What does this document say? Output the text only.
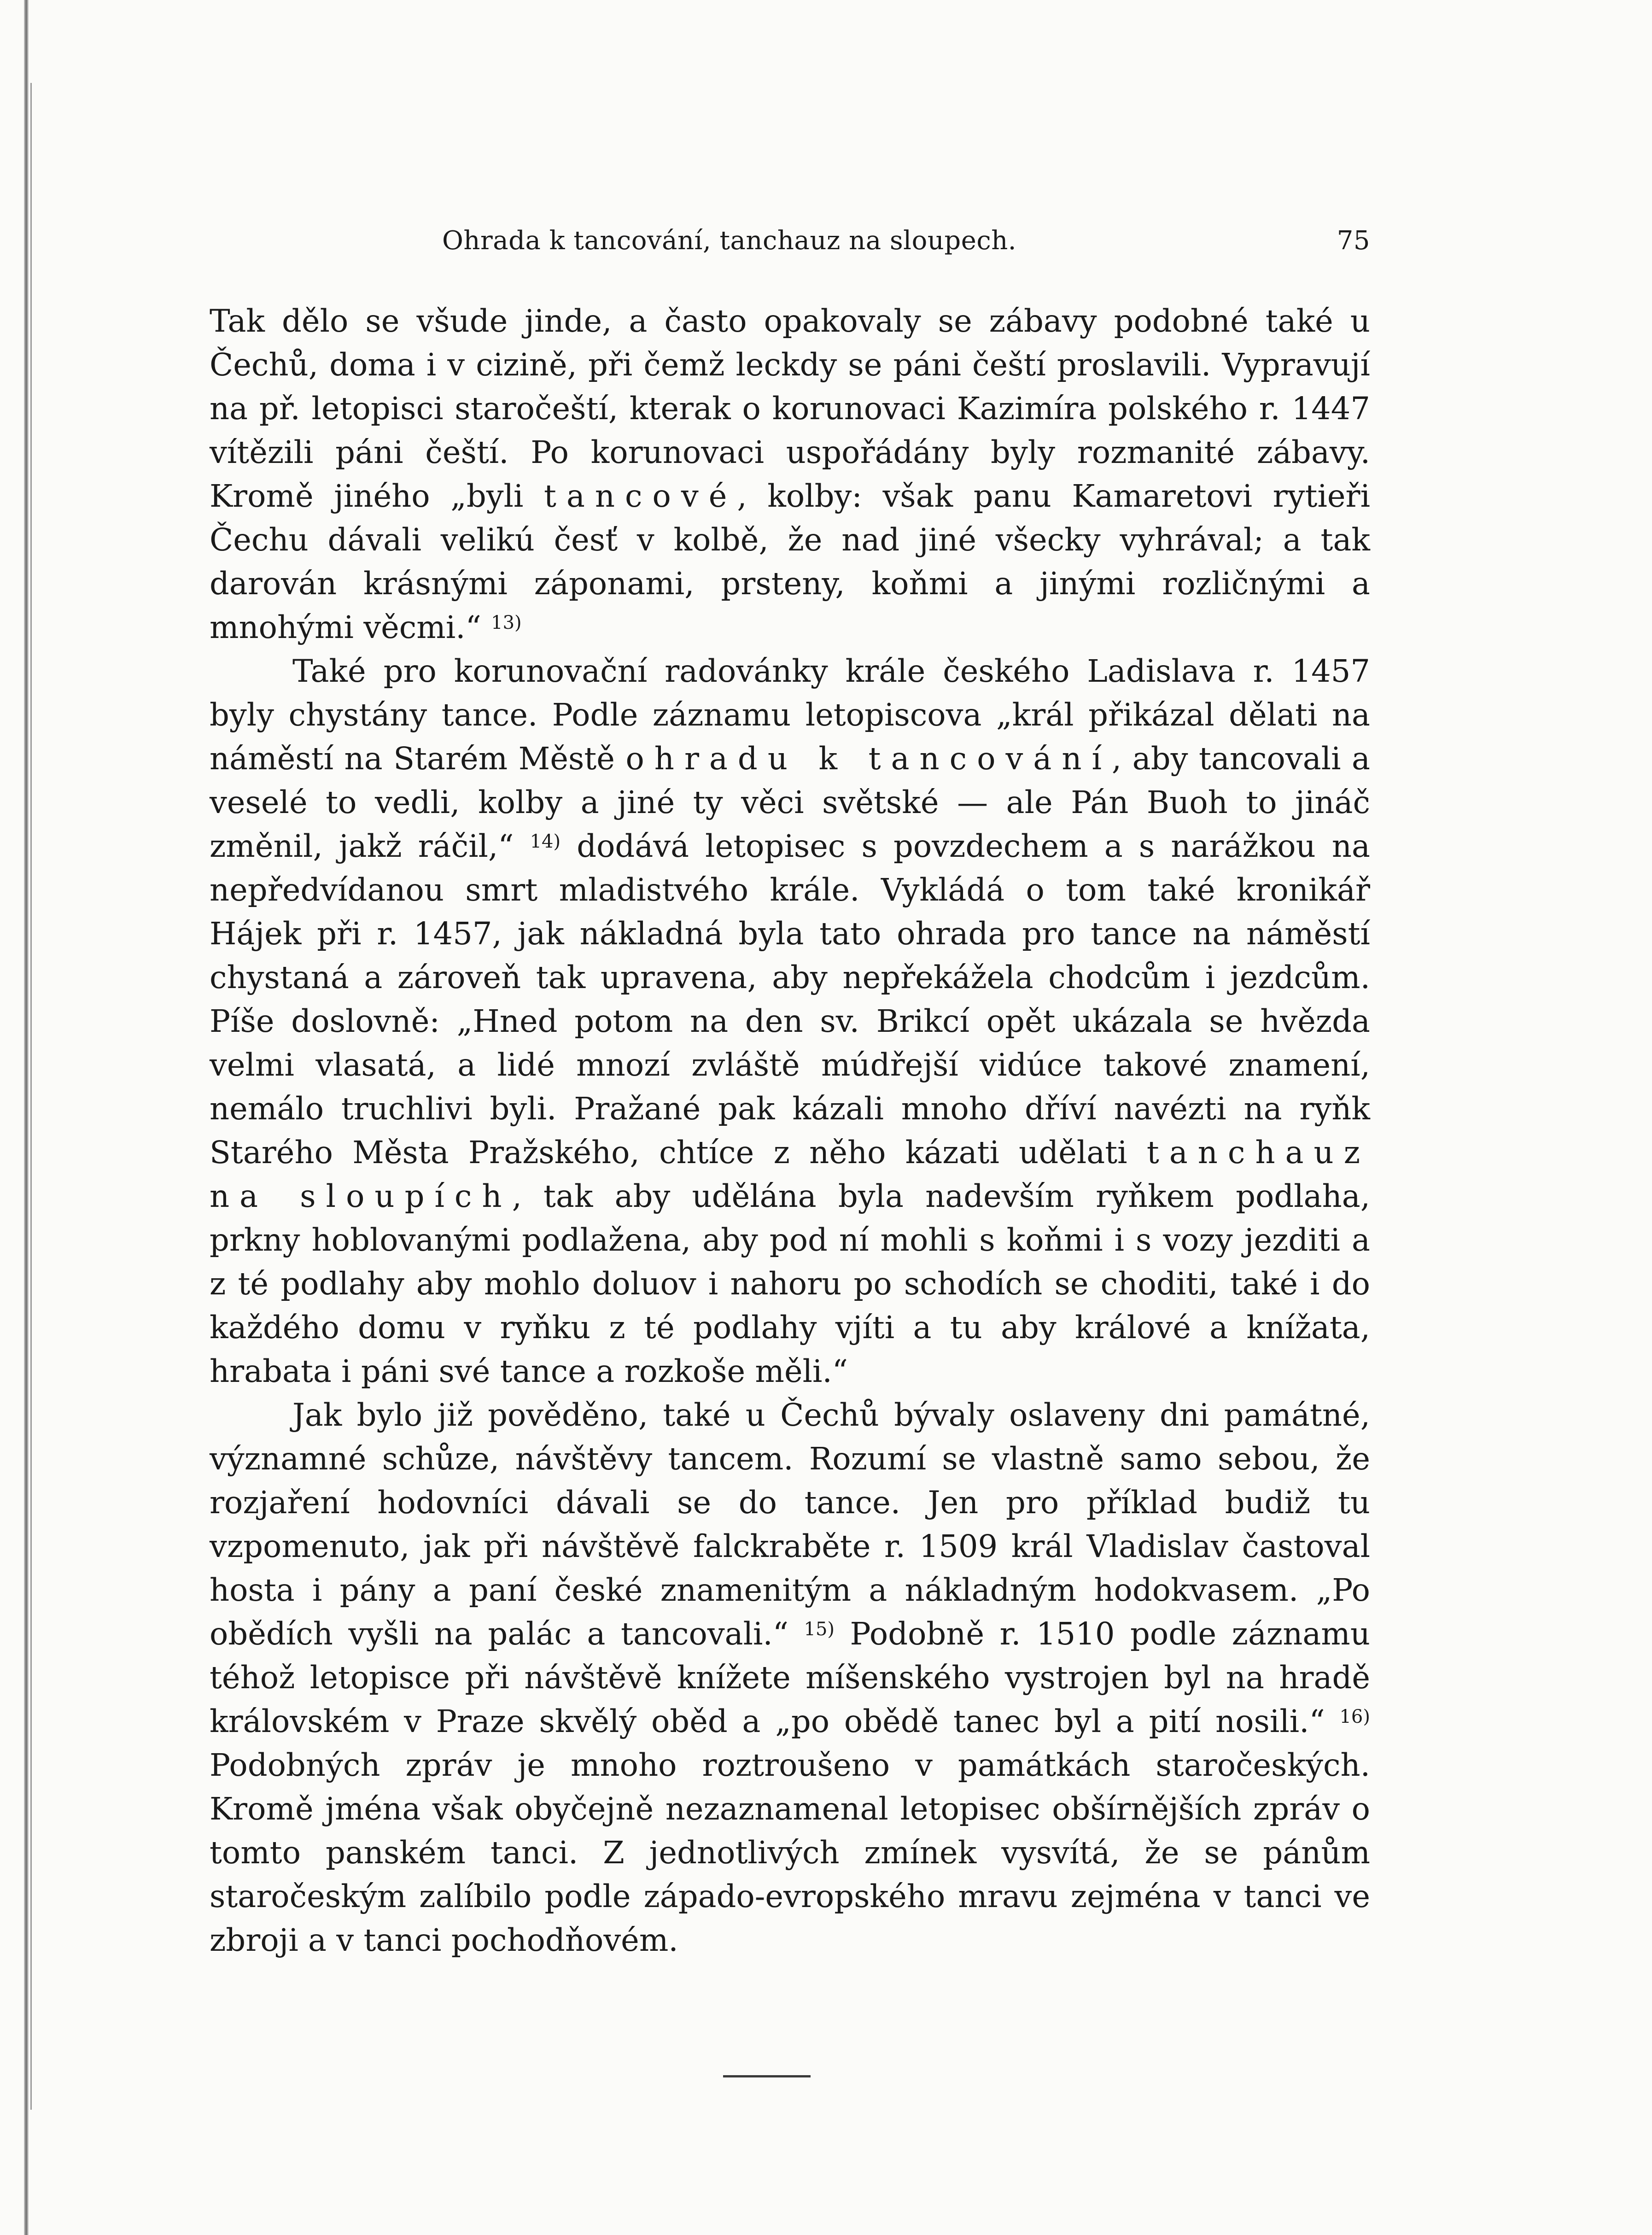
Ohrada k tancování, tanchauz na sloupech.	75

Tak dělo se všude jinde, a často opakovaly se zábavy podobné také u Čechů, doma i v cizině, při čemž leckdy se páni čeští proslavili. Vypravují na př. letopisci staročeští, kterak o korunovaci Kazimíra polského r. 1447 vítězili páni čeští. Po korunovaci uspořádány byly rozmanité zábavy. Kromě jiného „byli tancové, kolby: však panu Kamaretovi rytieři Čechu dávali velikú česť v kolbě, že nad jiné všecky vyhrával; a tak darován krásnými záponami, prsteny, koňmi a jinými rozličnými a mnohými věcmi.“ $^{13)}$

Také pro korunovační radovánky krále českého Ladislava r. 1457 byly chystány tance. Podle záznamu letopiscova „král přikázal dělati na náměstí na Starém Městě ohradu k tancování, aby tancovali a veselé to vedli, kolby a jiné ty věci světské — ale Pán Buoh to jináč změnil, jakž ráčil,“ $^{14)}$ dodává letopisec s povzdechem a s narážkou na nepředvídanou smrt mladistvého krále. Vykládá o tom také kronikář Hájek při r. 1457, jak nákladná byla tato ohrada pro tance na náměstí chystaná a zároveň tak upravena, aby nepřekážela chodcům i jezdcům. Píše doslovně: „Hned potom na den sv. Brikcí opět ukázala se hvězda velmi vlasatá, a lidé mnozí zvláště múdřejší vidúce takové znamení, nemálo truchlivi byli. Pražané pak kázali mnoho dříví navézti na ryňk Starého Města Pražského, chtíce z něho kázati udělati tanchauz na sloupích, tak aby udělána byla nadevším ryňkem podlaha, prkny hoblovanými podlažena, aby pod ní mohli s koňmi i s vozy jezditi a z té podlahy aby mohlo doluov i nahoru po schodích se choditi, také i do každého domu v ryňku z té podlahy vjíti a tu aby králové a knížata, hrabata i páni své tance a rozkoše měli.“

Jak bylo již pověděno, také u Čechů bývaly oslaveny dni památné, významné schůze, návštěvy tancem. Rozumí se vlastně samo sebou, že rozjaření hodovníci dávali se do tance. Jen pro příklad budiž tu vzpomenuto, jak při návštěvě falckraběte r. 1509 král Vladislav častoval hosta i pány a paní české znamenitým a nákladným hodokvasem. „Po obědích vyšli na palác a tancovali.“ $^{15)}$ Podobně r. 1510 podle záznamu téhož letopisce při návštěvě knížete míšenského vystrojen byl na hradě královském v Praze skvělý oběd a „po obědě tanec byl a pití nosili.“ $^{16)}$ Podobných zpráv je mnoho roztroušeno v památkách staročeských. Kromě jména však obyčejně nezaznamenal letopisec obšírnějších zpráv o tomto panském tanci. Z jednotlivých zmínek vysvítá, že se pánům staročeským zalíbilo podle západo-evropského mravu zejména v tanci ve zbroji a v tanci pochodňovém.
